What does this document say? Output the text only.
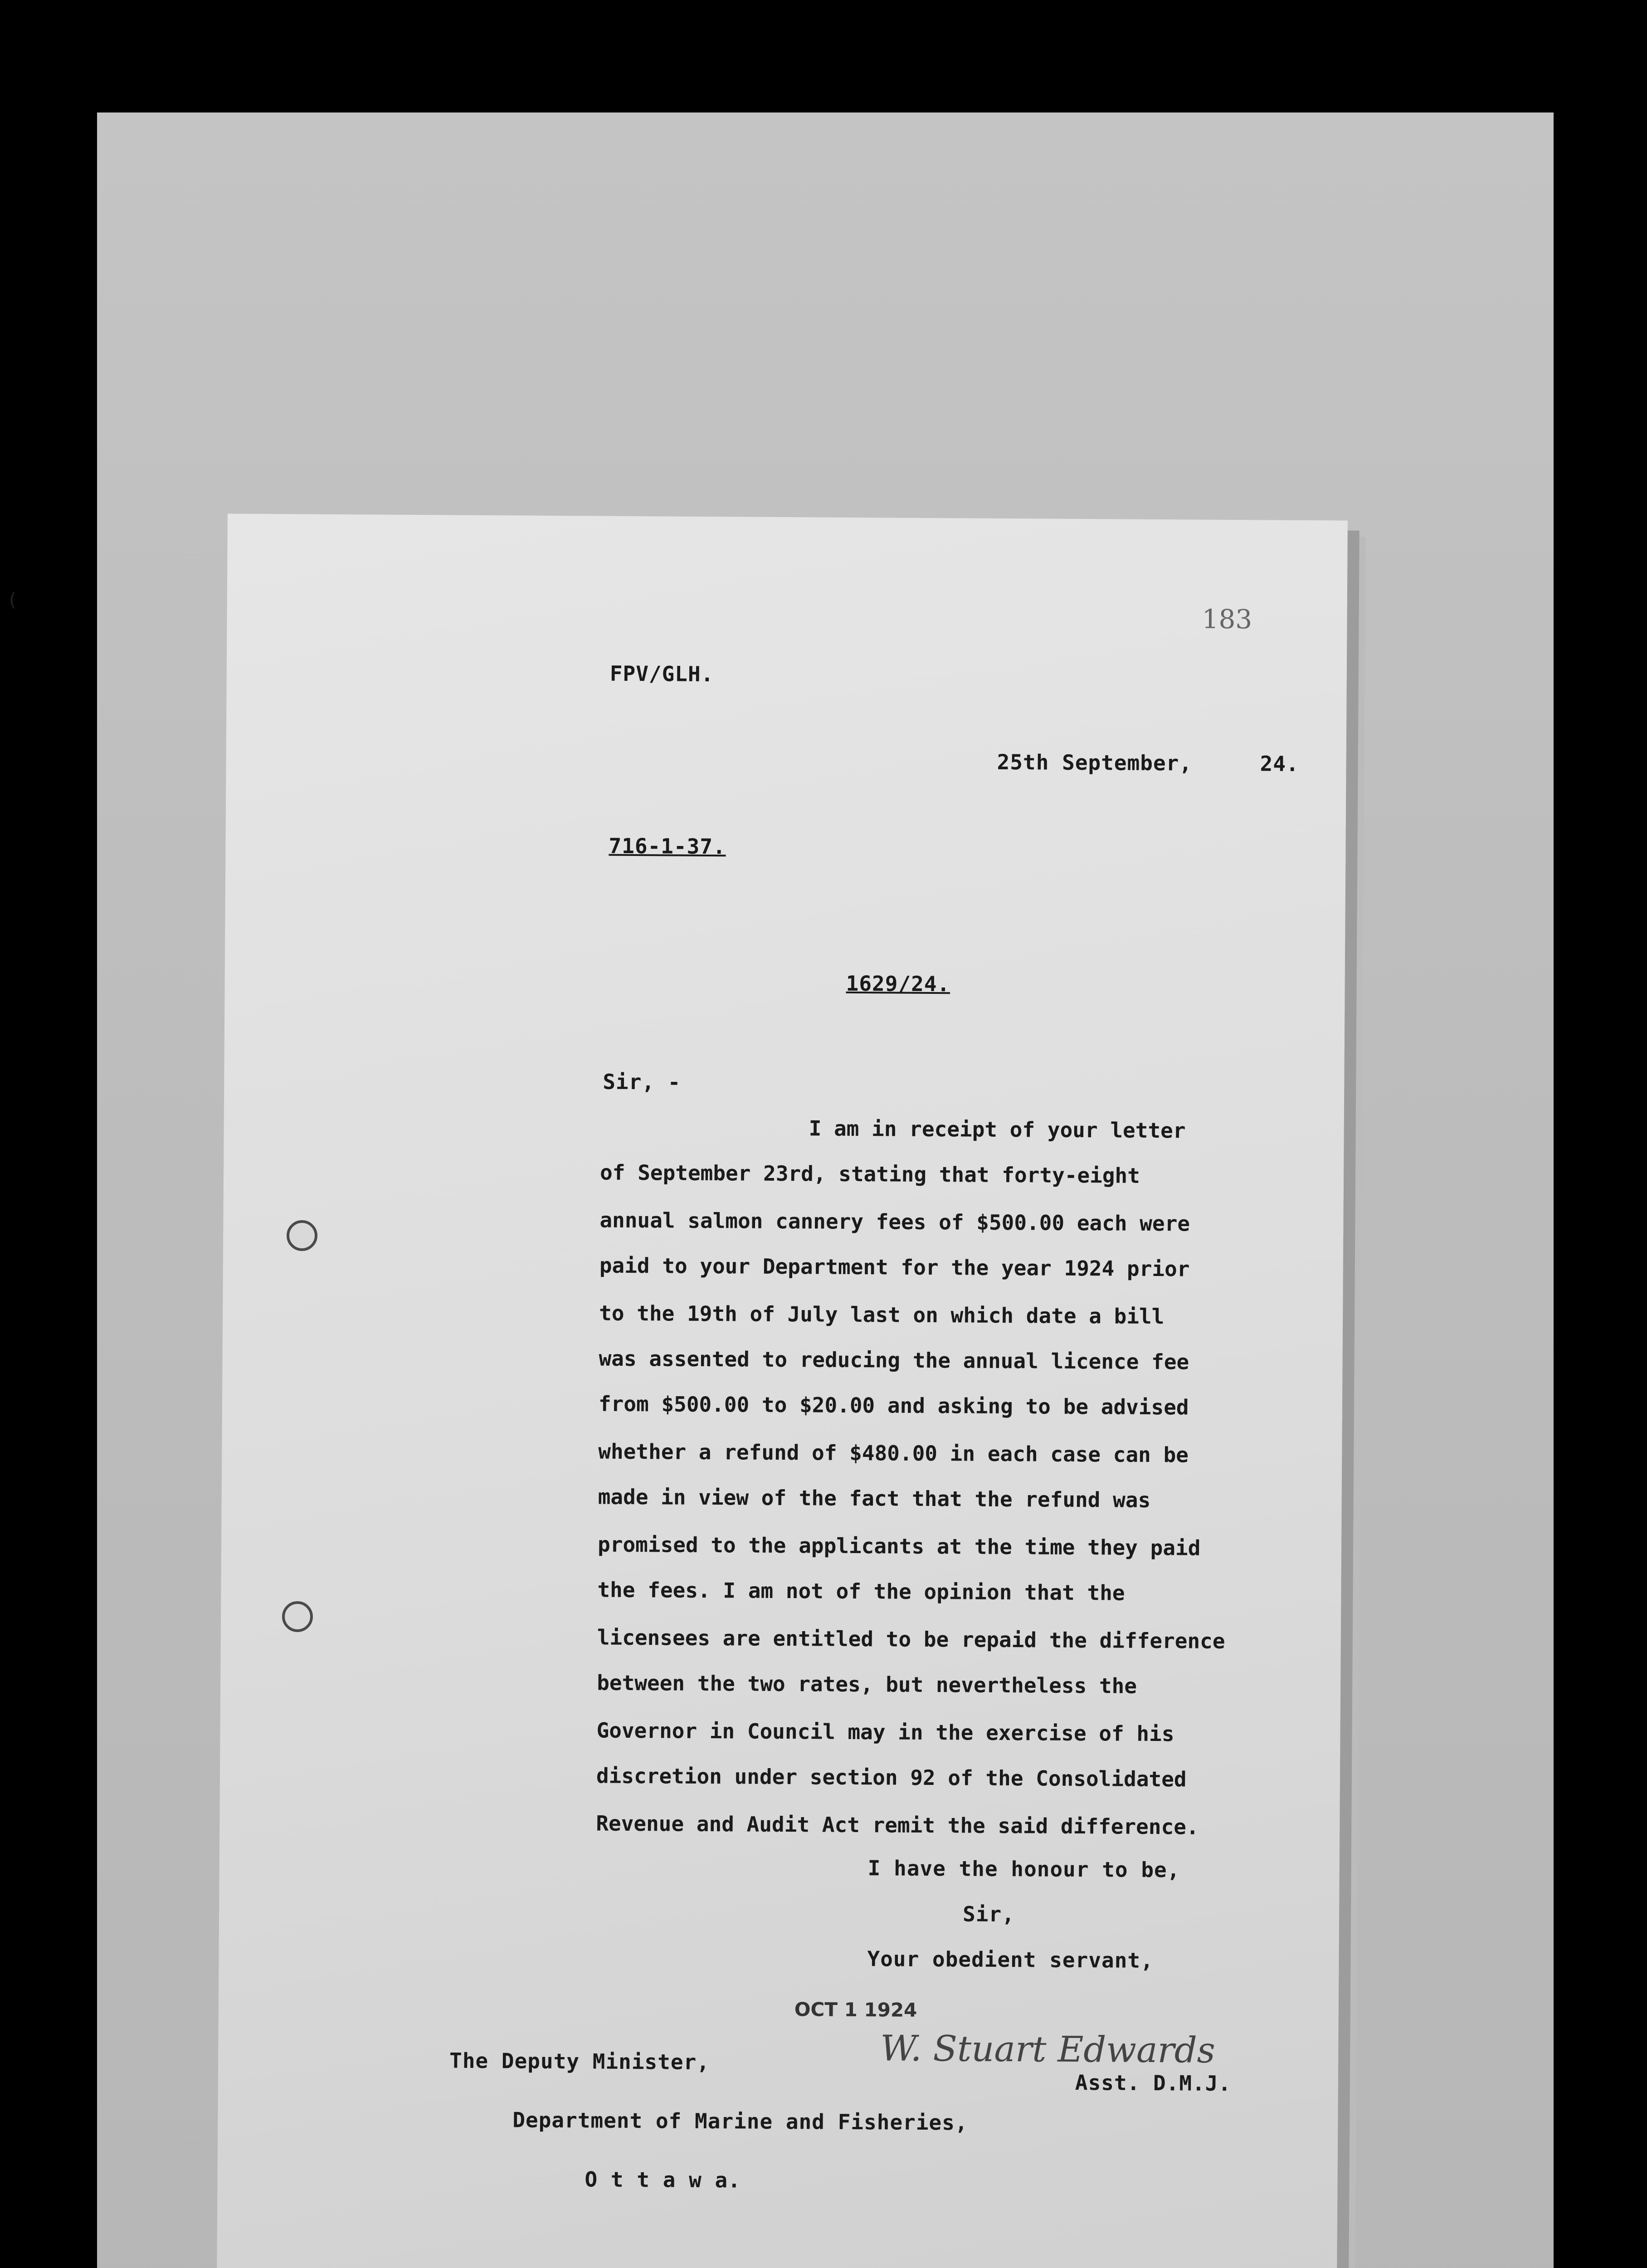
(
183
FPV/GLH.
25th September,	24.
716-1-37.
1629/24.
Sir, -
I am in receipt of your letter
of September 23rd, stating that forty-eight
annual salmon cannery fees of $500.00 each were
paid to your Department for the year 1924 prior
to the 19th of July last on which date a bill
was assented to reducing the annual licence fee
from $500.00 to $20.00 and asking to be advised
whether a refund of $480.00 in each case can be
made in view of the fact that the refund was
promised to the applicants at the time they paid
the fees. I am not of the opinion that the
licensees are entitled to be repaid the difference
between the two rates, but nevertheless the
Governor in Council may in the exercise of his
discretion under section 92 of the Consolidated
Revenue and Audit Act remit the said difference.
I have the honour to be,
Sir,
Your obedient servant,
OCT 1 1924
W. Stuart Edwards
Asst. D.M.J.
The Deputy Minister,
Department of Marine and Fisheries,
O t t a w a.
